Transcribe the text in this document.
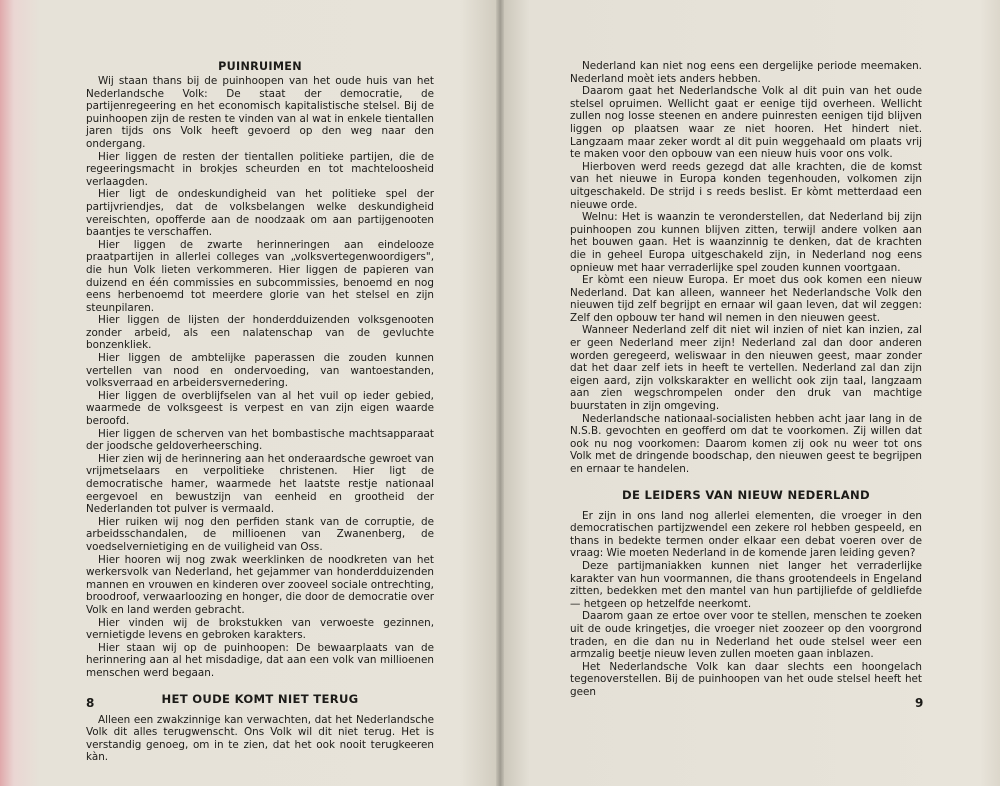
PUINRUIMEN

Wij staan thans bij de puinhoopen van het oude huis van het Nederlandsche Volk: De staat der democratie, de partijenregeering en het economisch kapitalistische stelsel. Bij de puinhoopen zijn de resten te vinden van al wat in enkele tientallen jaren tijds ons Volk heeft gevoerd op den weg naar den ondergang.

Hier liggen de resten der tientallen politieke partijen, die de regeeringsmacht in brokjes scheurden en tot machteloosheid verlaagden.

Hier ligt de ondeskundigheid van het politieke spel der partijvriendjes, dat de volksbelangen welke deskundigheid vereischten, opofferde aan de noodzaak om aan partijgenooten baantjes te verschaffen.

Hier liggen de zwarte herinneringen aan eindelooze praatpartijen in allerlei colleges van „volksvertegenwoordigers", die hun Volk lieten verkommeren. Hier liggen de papieren van duizend en één commissies en subcommissies, benoemd en nog eens herbenoemd tot meerdere glorie van het stelsel en zijn steunpilaren.

Hier liggen de lijsten der honderdduizenden volksgenooten zonder arbeid, als een nalatenschap van de gevluchte bonzenkliek.

Hier liggen de ambtelijke paperassen die zouden kunnen vertellen van nood en ondervoeding, van wantoestanden, volksverraad en arbeidersvernedering.

Hier liggen de overblijfselen van al het vuil op ieder gebied, waarmede de volksgeest is verpest en van zijn eigen waarde beroofd.

Hier liggen de scherven van het bombastische machtsapparaat der joodsche geldoverheersching.

Hier zien wij de herinnering aan het onderaardsche gewroet van vrijmetselaars en verpolitieke christenen. Hier ligt de democratische hamer, waarmede het laatste restje nationaal eergevoel en bewustzijn van eenheid en grootheid der Nederlanden tot pulver is vermaald.

Hier ruiken wij nog den perfiden stank van de corruptie, de arbeidsschandalen, de millioenen van Zwanenberg, de voedselvernietiging en de vuiligheid van Oss.

Hier hooren wij nog zwak weerklinken de noodkreten van het werkersvolk van Nederland, het gejammer van honderdduizenden mannen en vrouwen en kinderen over zooveel sociale ontrechting, broodroof, verwaarloozing en honger, die door de democratie over Volk en land werden gebracht.

Hier vinden wij de brokstukken van verwoeste gezinnen, vernietigde levens en gebroken karakters.

Hier staan wij op de puinhoopen: De bewaarplaats van de herinnering aan al het misdadige, dat aan een volk van millioenen menschen werd begaan.

HET OUDE KOMT NIET TERUG

Alleen een zwakzinnige kan verwachten, dat het Nederlandsche Volk dit alles terugwenscht. Ons Volk wil dit niet terug. Het is verstandig genoeg, om in te zien, dat het ook nooit terugkeeren kàn.

8

Nederland kan niet nog eens een dergelijke periode meemaken. Nederland moèt iets anders hebben.

Daarom gaat het Nederlandsche Volk al dit puin van het oude stelsel opruimen. Wellicht gaat er eenige tijd overheen. Wellicht zullen nog losse steenen en andere puinresten eenigen tijd blijven liggen op plaatsen waar ze niet hooren. Het hindert niet. Langzaam maar zeker wordt al dit puin weggehaald om plaats vrij te maken voor den opbouw van een nieuw huis voor ons volk.

Hierboven werd reeds gezegd dat alle krachten, die de komst van het nieuwe in Europa konden tegenhouden, volkomen zijn uitgeschakeld. De strijd i s reeds beslist. Er kòmt metterdaad een nieuwe orde.

Welnu: Het is waanzin te veronderstellen, dat Nederland bij zijn puinhoopen zou kunnen blijven zitten, terwijl andere volken aan het bouwen gaan. Het is waanzinnig te denken, dat de krachten die in geheel Europa uitgeschakeld zijn, in Nederland nog eens opnieuw met haar verraderlijke spel zouden kunnen voortgaan.

Er kòmt een nieuw Europa. Er moet dus ook komen een nieuw Nederland. Dat kan alleen, wanneer het Nederlandsche Volk den nieuwen tijd zelf begrijpt en ernaar wil gaan leven, dat wil zeggen: Zelf den opbouw ter hand wil nemen in den nieuwen geest.

Wanneer Nederland zelf dit niet wil inzien of niet kan inzien, zal er geen Nederland meer zijn! Nederland zal dan door anderen worden geregeerd, weliswaar in den nieuwen geest, maar zonder dat het daar zelf iets in heeft te vertellen. Nederland zal dan zijn eigen aard, zijn volkskarakter en wellicht ook zijn taal, langzaam aan zien wegschrompelen onder den druk van machtige buurstaten in zijn omgeving.

Nederlandsche nationaal-socialisten hebben acht jaar lang in de N.S.B. gevochten en geofferd om dat te voorkomen. Zij willen dat ook nu nog voorkomen: Daarom komen zij ook nu weer tot ons Volk met de dringende boodschap, den nieuwen geest te begrijpen en ernaar te handelen.

DE LEIDERS VAN NIEUW NEDERLAND

Er zijn in ons land nog allerlei elementen, die vroeger in den democratischen partijzwendel een zekere rol hebben gespeeld, en thans in bedekte termen onder elkaar een debat voeren over de vraag: Wie moeten Nederland in de komende jaren leiding geven?

Deze partijmaniakken kunnen niet langer het verraderlijke karakter van hun voormannen, die thans grootendeels in Engeland zitten, bedekken met den mantel van hun partijliefde of geldliefde — hetgeen op hetzelfde neerkomt.

Daarom gaan ze ertoe over voor te stellen, menschen te zoeken uit de oude kringetjes, die vroeger niet zoozeer op den voorgrond traden, en die dan nu in Nederland het oude stelsel weer een armzalig beetje nieuw leven zullen moeten gaan inblazen.

Het Nederlandsche Volk kan daar slechts een hoongelach tegenoverstellen. Bij de puinhoopen van het oude stelsel heeft het geen

9
